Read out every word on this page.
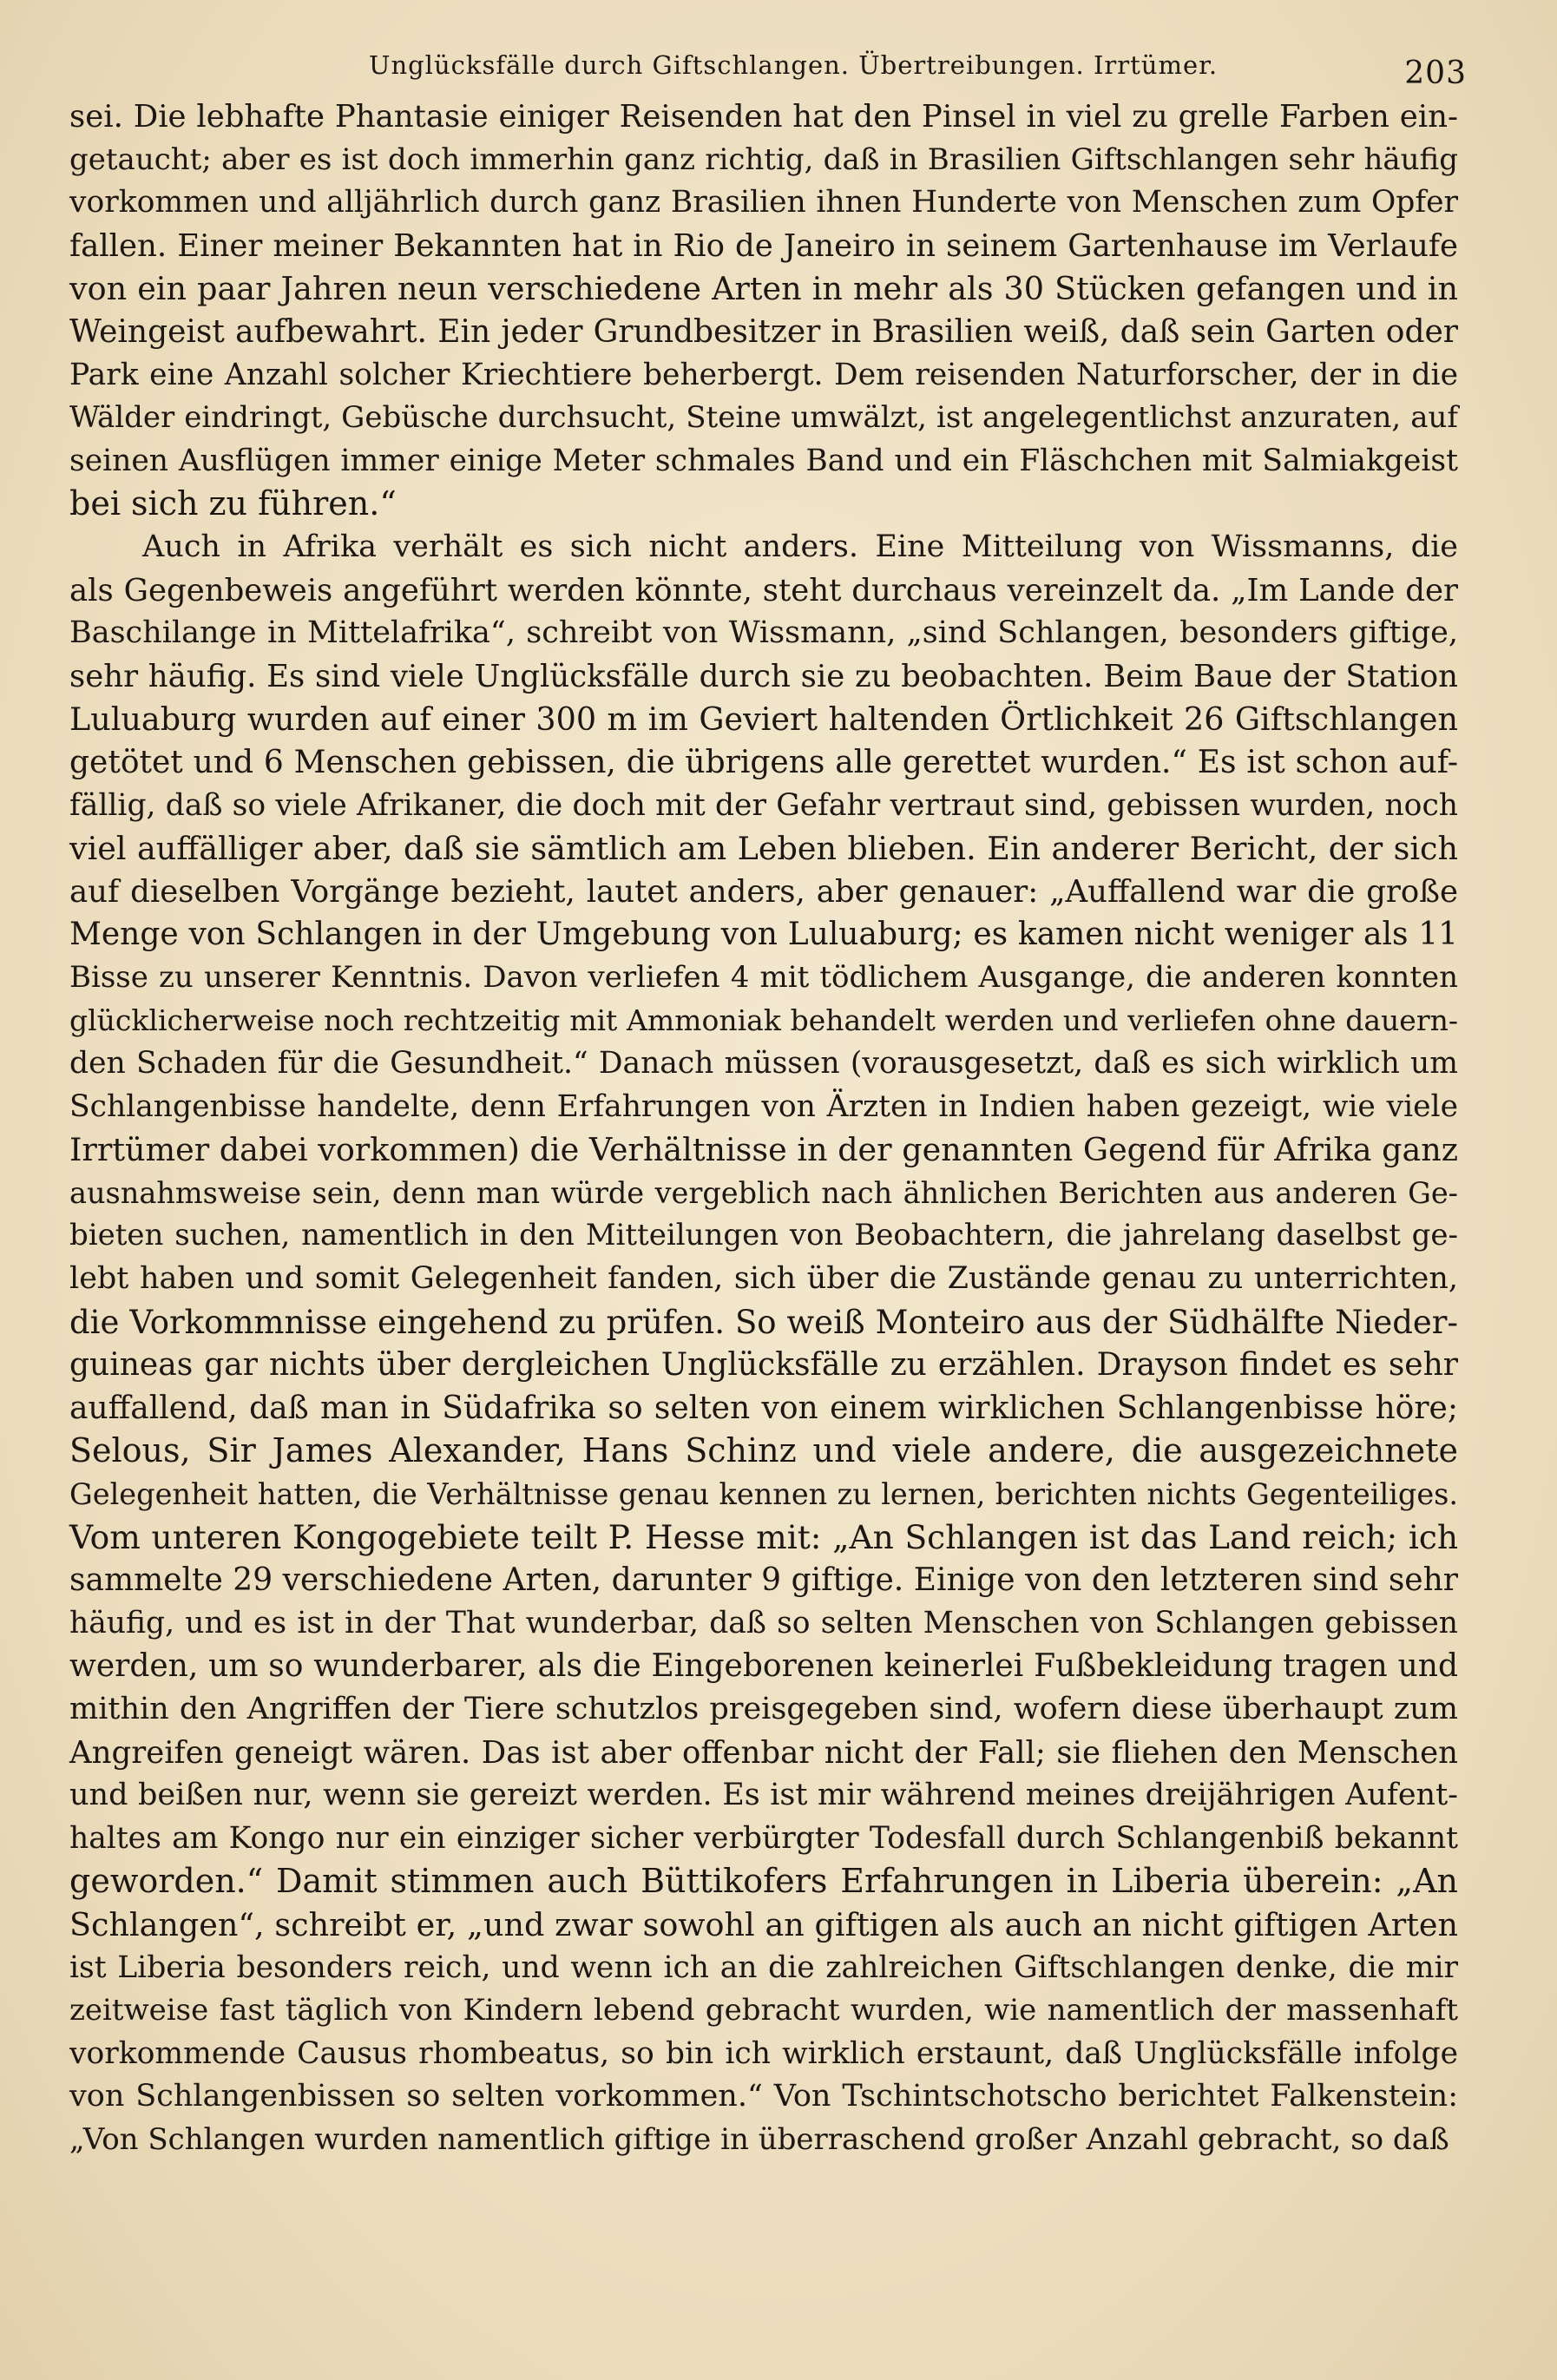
Unglücksfälle durch Giftschlangen. Übertreibungen. Irrtümer.	203
sei. Die lebhafte Phantasie einiger Reisenden hat den Pinsel in viel zu grelle Farben ein-
getaucht; aber es ist doch immerhin ganz richtig, daß in Brasilien Giftschlangen sehr häufig
vorkommen und alljährlich durch ganz Brasilien ihnen Hunderte von Menschen zum Opfer
fallen. Einer meiner Bekannten hat in Rio de Janeiro in seinem Gartenhause im Verlaufe
von ein paar Jahren neun verschiedene Arten in mehr als 30 Stücken gefangen und in
Weingeist aufbewahrt. Ein jeder Grundbesitzer in Brasilien weiß, daß sein Garten oder
Park eine Anzahl solcher Kriechtiere beherbergt. Dem reisenden Naturforscher, der in die
Wälder eindringt, Gebüsche durchsucht, Steine umwälzt, ist angelegentlichst anzuraten, auf
seinen Ausflügen immer einige Meter schmales Band und ein Fläschchen mit Salmiakgeist
bei sich zu führen.“
Auch in Afrika verhält es sich nicht anders. Eine Mitteilung von Wissmanns, die
als Gegenbeweis angeführt werden könnte, steht durchaus vereinzelt da. „Im Lande der
Baschilange in Mittelafrika“, schreibt von Wissmann, „sind Schlangen, besonders giftige,
sehr häufig. Es sind viele Unglücksfälle durch sie zu beobachten. Beim Baue der Station
Luluaburg wurden auf einer 300 m im Geviert haltenden Örtlichkeit 26 Giftschlangen
getötet und 6 Menschen gebissen, die übrigens alle gerettet wurden.“ Es ist schon auf-
fällig, daß so viele Afrikaner, die doch mit der Gefahr vertraut sind, gebissen wurden, noch
viel auffälliger aber, daß sie sämtlich am Leben blieben. Ein anderer Bericht, der sich
auf dieselben Vorgänge bezieht, lautet anders, aber genauer: „Auffallend war die große
Menge von Schlangen in der Umgebung von Luluaburg; es kamen nicht weniger als 11
Bisse zu unserer Kenntnis. Davon verliefen 4 mit tödlichem Ausgange, die anderen konnten
glücklicherweise noch rechtzeitig mit Ammoniak behandelt werden und verliefen ohne dauern-
den Schaden für die Gesundheit.“ Danach müssen (vorausgesetzt, daß es sich wirklich um
Schlangenbisse handelte, denn Erfahrungen von Ärzten in Indien haben gezeigt, wie viele
Irrtümer dabei vorkommen) die Verhältnisse in der genannten Gegend für Afrika ganz
ausnahmsweise sein, denn man würde vergeblich nach ähnlichen Berichten aus anderen Ge-
bieten suchen, namentlich in den Mitteilungen von Beobachtern, die jahrelang daselbst ge-
lebt haben und somit Gelegenheit fanden, sich über die Zustände genau zu unterrichten,
die Vorkommnisse eingehend zu prüfen. So weiß Monteiro aus der Südhälfte Nieder-
guineas gar nichts über dergleichen Unglücksfälle zu erzählen. Drayson findet es sehr
auffallend, daß man in Südafrika so selten von einem wirklichen Schlangenbisse höre;
Selous, Sir James Alexander, Hans Schinz und viele andere, die ausgezeichnete
Gelegenheit hatten, die Verhältnisse genau kennen zu lernen, berichten nichts Gegenteiliges.
Vom unteren Kongogebiete teilt P. Hesse mit: „An Schlangen ist das Land reich; ich
sammelte 29 verschiedene Arten, darunter 9 giftige. Einige von den letzteren sind sehr
häufig, und es ist in der That wunderbar, daß so selten Menschen von Schlangen gebissen
werden, um so wunderbarer, als die Eingeborenen keinerlei Fußbekleidung tragen und
mithin den Angriffen der Tiere schutzlos preisgegeben sind, wofern diese überhaupt zum
Angreifen geneigt wären. Das ist aber offenbar nicht der Fall; sie fliehen den Menschen
und beißen nur, wenn sie gereizt werden. Es ist mir während meines dreijährigen Aufent-
haltes am Kongo nur ein einziger sicher verbürgter Todesfall durch Schlangenbiß bekannt
geworden.“ Damit stimmen auch Büttikofers Erfahrungen in Liberia überein: „An
Schlangen“, schreibt er, „und zwar sowohl an giftigen als auch an nicht giftigen Arten
ist Liberia besonders reich, und wenn ich an die zahlreichen Giftschlangen denke, die mir
zeitweise fast täglich von Kindern lebend gebracht wurden, wie namentlich der massenhaft
vorkommende Causus rhombeatus, so bin ich wirklich erstaunt, daß Unglücksfälle infolge
von Schlangenbissen so selten vorkommen.“ Von Tschintschotscho berichtet Falkenstein:
„Von Schlangen wurden namentlich giftige in überraschend großer Anzahl gebracht, so daß
